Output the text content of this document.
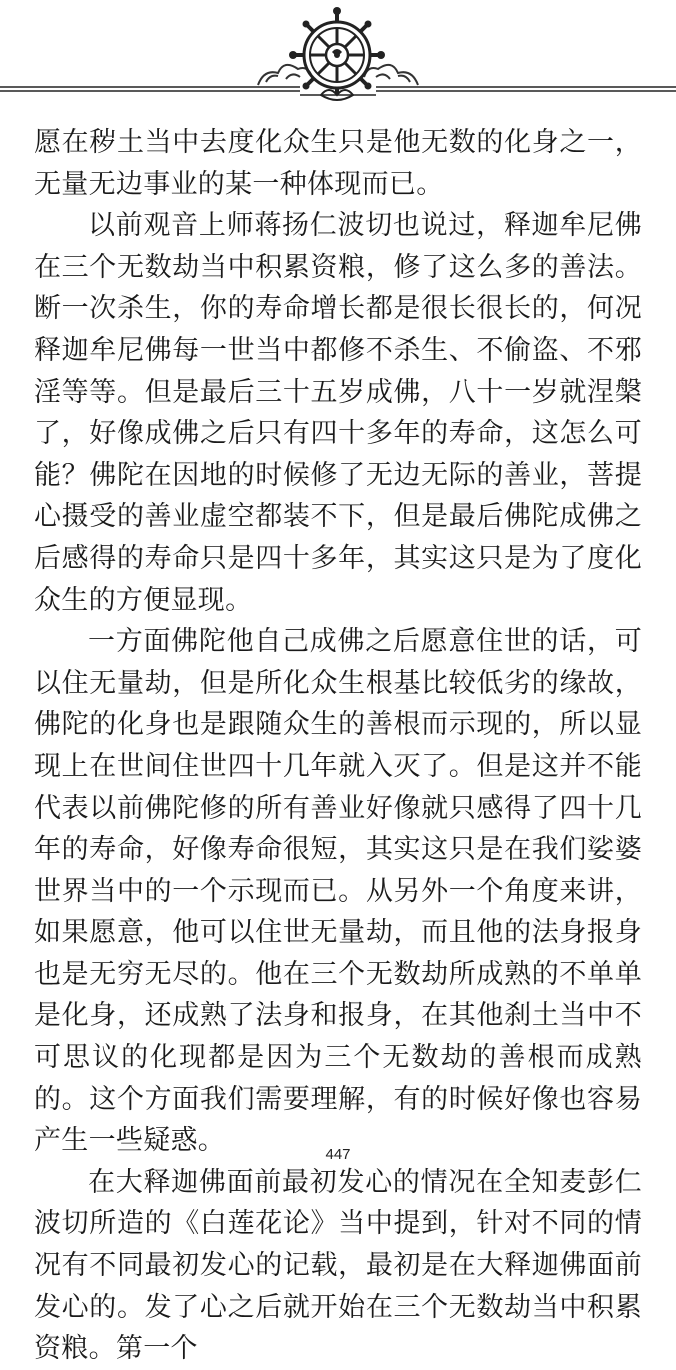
愿在秽土当中去度化众生只是他无数的化身之一，无量无边事业的某一种体现而已。

以前观音上师蒋扬仁波切也说过，释迦牟尼佛在三个无数劫当中积累资粮，修了这么多的善法。断一次杀生，你的寿命增长都是很长很长的，何况释迦牟尼佛每一世当中都修不杀生、不偷盗、不邪淫等等。但是最后三十五岁成佛，八十一岁就涅槃了，好像成佛之后只有四十多年的寿命，这怎么可能？佛陀在因地的时候修了无边无际的善业，菩提心摄受的善业虚空都装不下，但是最后佛陀成佛之后感得的寿命只是四十多年，其实这只是为了度化众生的方便显现。

一方面佛陀他自己成佛之后愿意住世的话，可以住无量劫，但是所化众生根基比较低劣的缘故，佛陀的化身也是跟随众生的善根而示现的，所以显现上在世间住世四十几年就入灭了。但是这并不能代表以前佛陀修的所有善业好像就只感得了四十几年的寿命，好像寿命很短，其实这只是在我们娑婆世界当中的一个示现而已。从另外一个角度来讲，如果愿意，他可以住世无量劫，而且他的法身报身也是无穷无尽的。他在三个无数劫所成熟的不单单是化身，还成熟了法身和报身，在其他刹土当中不可思议的化现都是因为三个无数劫的善根而成熟的。这个方面我们需要理解，有的时候好像也容易产生一些疑惑。

在大释迦佛面前最初发心的情况在全知麦彭仁波切所造的《白莲花论》当中提到，针对不同的情况有不同最初发心的记载，最初是在大释迦佛面前发心的。发了心之后就开始在三个无数劫当中积累资粮。第一个

447
